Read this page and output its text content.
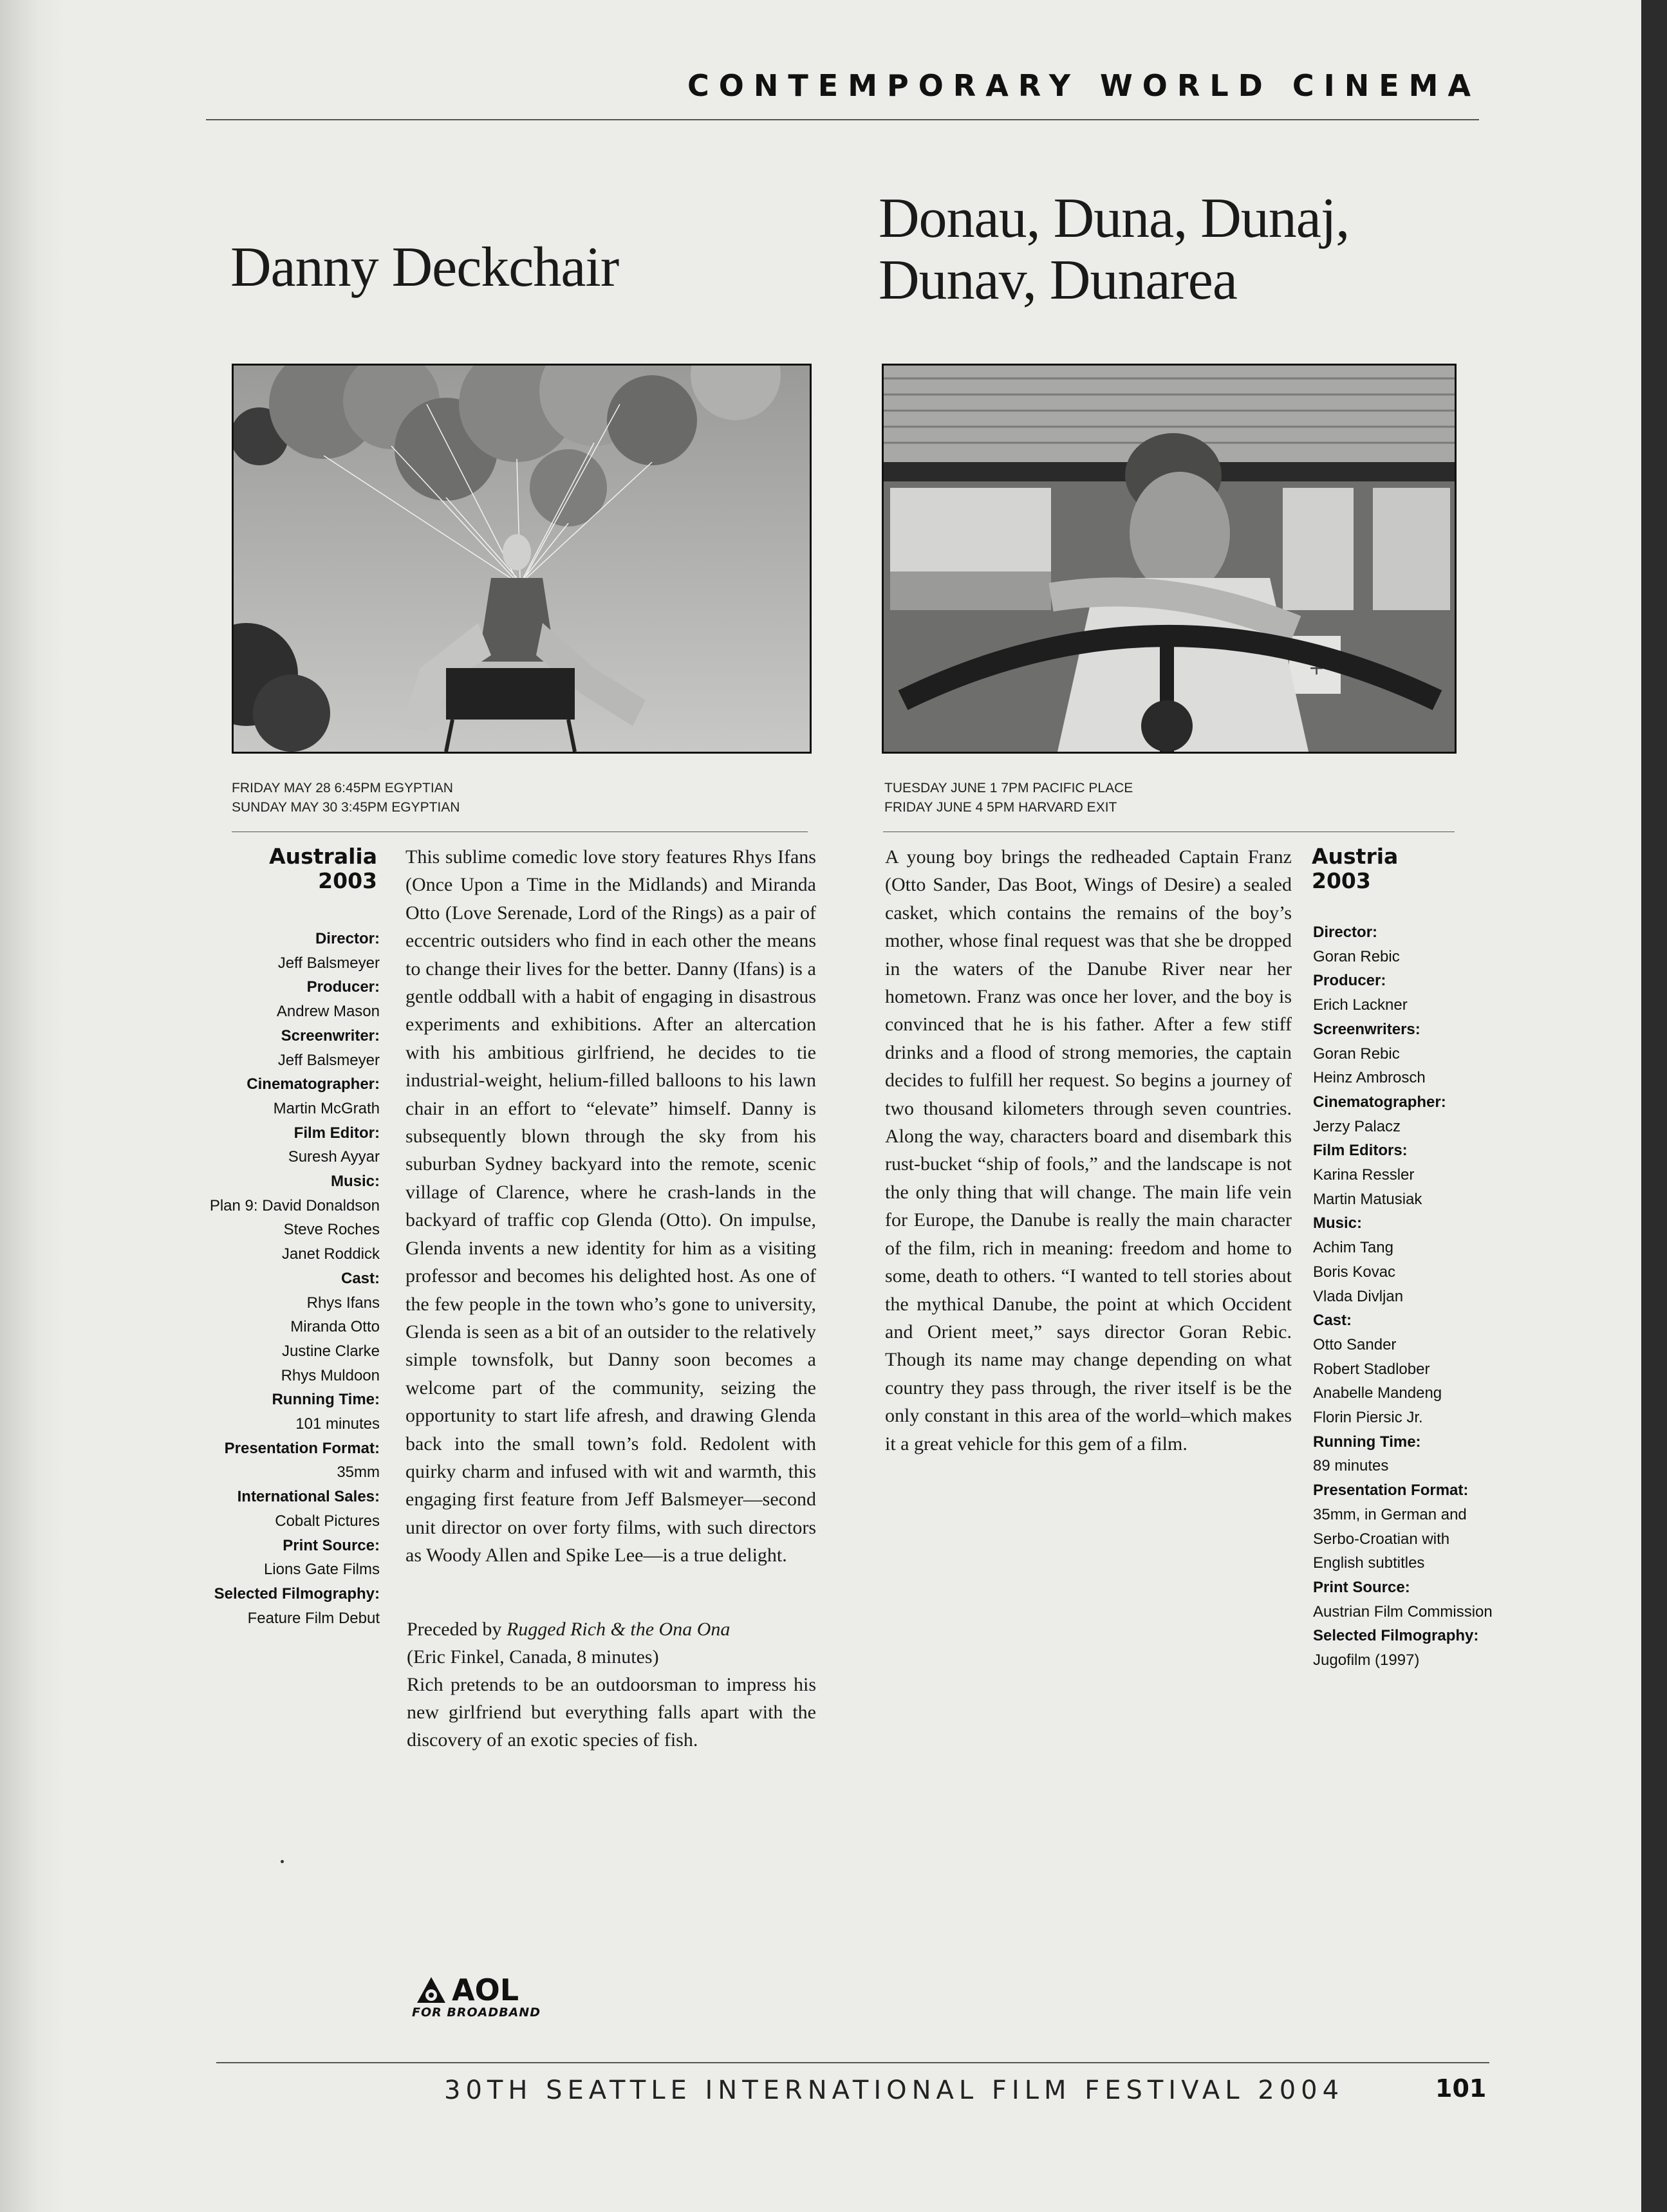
CONTEMPORARY WORLD CINEMA
Danny Deckchair
FRIDAY MAY 28 6:45PM EGYPTIAN
SUNDAY MAY 30 3:45PM EGYPTIAN
Australia
2003
Director:
Jeff Balsmeyer
Producer:
Andrew Mason
Screenwriter:
Jeff Balsmeyer
Cinematographer:
Martin McGrath
Film Editor:
Suresh Ayyar
Music:
Plan 9: David Donaldson
Steve Roches
Janet Roddick
Cast:
Rhys Ifans
Miranda Otto
Justine Clarke
Rhys Muldoon
Running Time:
101 minutes
Presentation Format:
35mm
International Sales:
Cobalt Pictures
Print Source:
Lions Gate Films
Selected Filmography:
Feature Film Debut

This sublime comedic love story features Rhys Ifans (Once Upon a Time in the Midlands) and Miranda Otto (Love Serenade, Lord of the Rings) as a pair of eccentric outsiders who find in each other the means to change their lives for the better. Danny (Ifans) is a gentle oddball with a habit of engaging in disastrous experiments and exhibitions. After an altercation with his ambitious girlfriend, he decides to tie industrial-weight, helium-filled balloons to his lawn chair in an effort to “elevate” himself. Danny is subsequently blown through the sky from his suburban Sydney backyard into the remote, scenic village of Clarence, where he crash-lands in the backyard of traffic cop Glenda (Otto). On impulse, Glenda invents a new identity for him as a visiting professor and becomes his delighted host. As one of the few people in the town who’s gone to university, Glenda is seen as a bit of an outsider to the relatively simple townsfolk, but Danny soon becomes a welcome part of the community, seizing the opportunity to start life afresh, and drawing Glenda back into the small town’s fold. Redolent with quirky charm and infused with wit and warmth, this engaging first feature from Jeff Balsmeyer—second unit director on over forty films, with such directors as Woody Allen and Spike Lee—is a true delight.

Preceded by Rugged Rich & the Ona Ona

(Eric Finkel, Canada, 8 minutes)

Rich pretends to be an outdoorsman to impress his new girlfriend but everything falls apart with the discovery of an exotic species of fish.

Donau, Duna, Dunaj,
Dunav, Dunarea
+
TUESDAY JUNE 1 7PM PACIFIC PLACE
FRIDAY JUNE 4 5PM HARVARD EXIT
Austria
2003
Director:
Goran Rebic
Producer:
Erich Lackner
Screenwriters:
Goran Rebic
Heinz Ambrosch
Cinematographer:
Jerzy Palacz
Film Editors:
Karina Ressler
Martin Matusiak
Music:
Achim Tang
Boris Kovac
Vlada Divljan
Cast:
Otto Sander
Robert Stadlober
Anabelle Mandeng
Florin Piersic Jr.
Running Time:
89 minutes
Presentation Format:
35mm, in German and
Serbo-Croatian with
English subtitles
Print Source:
Austrian Film Commission
Selected Filmography:
Jugofilm (1997)

A young boy brings the redheaded Captain Franz (Otto Sander, Das Boot, Wings of Desire) a sealed casket, which contains the remains of the boy’s mother, whose final request was that she be dropped in the waters of the Danube River near her hometown. Franz was once her lover, and the boy is convinced that he is his father. After a few stiff drinks and a flood of strong memories, the captain decides to fulfill her request. So begins a journey of two thousand kilometers through seven countries. Along the way, characters board and disembark this rust-bucket “ship of fools,” and the landscape is not the only thing that will change. The main life vein for Europe, the Danube is really the main character of the film, rich in meaning: freedom and home to some, death to others. “I wanted to tell stories about the mythical Danube, the point at which Occident and Orient meet,” says director Goran Rebic. Though its name may change depending on what country they pass through, the river itself is be the only constant in this area of the world–which makes it a great vehicle for this gem of a film.

AOL
FOR BROADBAND
30TH SEATTLE INTERNATIONAL FILM FESTIVAL 2004	101
